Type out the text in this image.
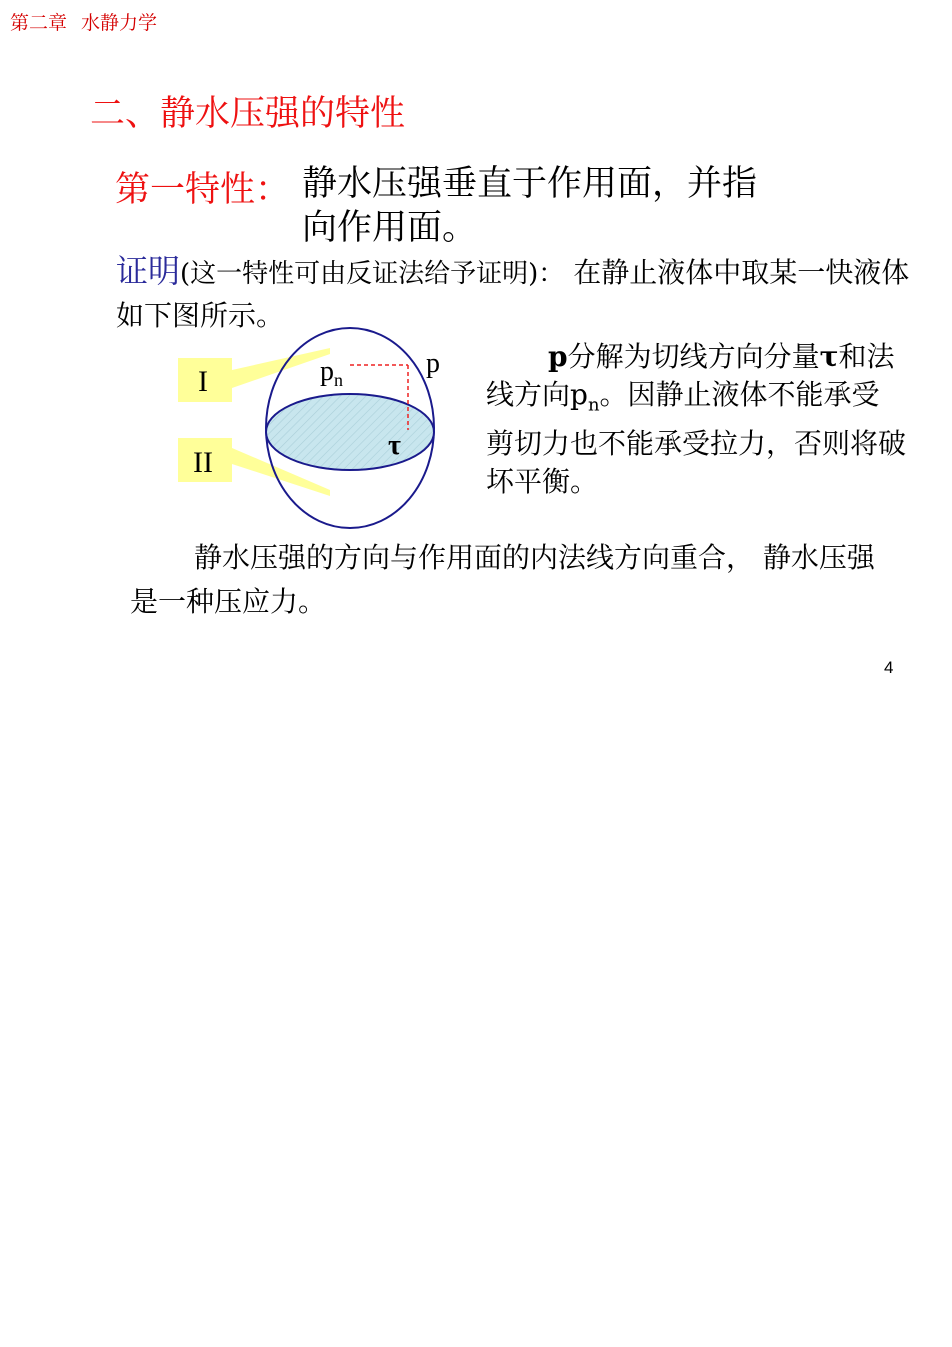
第二章 水静力学
二、静水压强的特性
第一特性： 静水压强垂直于作用面，并指
向作用面。
证明(这一特性可由反证法给予证明)： 在静止液体中取某一快液体如下图所示。
I
II
$p_n$
p
τ
p分解为切线方向分量τ和法线方向$p_n$。因静止液体不能承受剪切力也不能承受拉力，否则将破坏平衡。
静水压强的方向与作用面的内法线方向重合， 静水压强是一种压应力。
4
